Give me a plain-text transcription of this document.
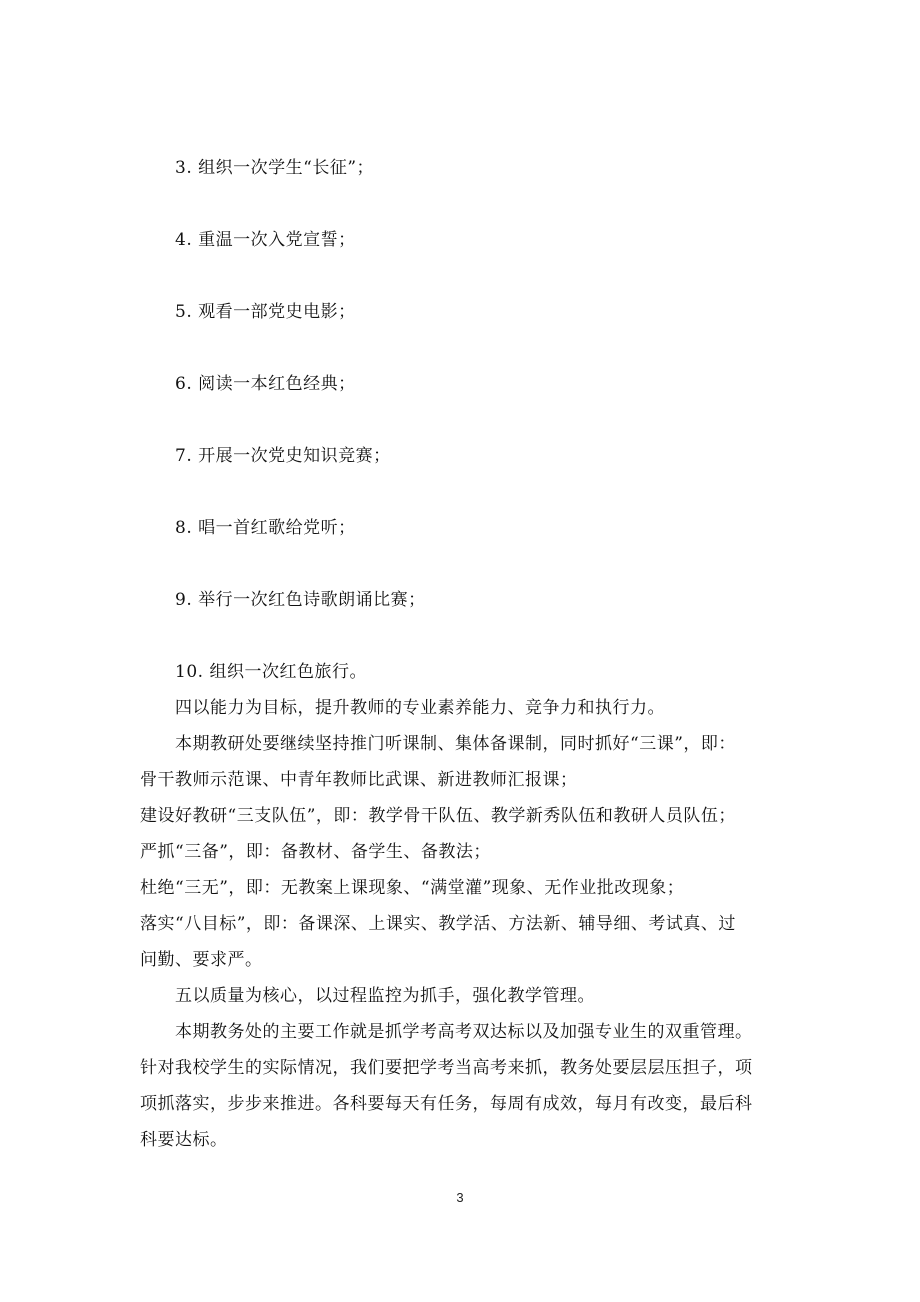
3. 组织一次学生“长征”；
4. 重温一次入党宣誓；
5. 观看一部党史电影；
6. 阅读一本红色经典；
7. 开展一次党史知识竞赛；
8. 唱一首红歌给党听；
9. 举行一次红色诗歌朗诵比赛；
10. 组织一次红色旅行。
四以能力为目标，提升教师的专业素养能力、竞争力和执行力。
本期教研处要继续坚持推门听课制、集体备课制，同时抓好“三课”，即：
骨干教师示范课、中青年教师比武课、新进教师汇报课；
建设好教研“三支队伍”，即：教学骨干队伍、教学新秀队伍和教研人员队伍；
严抓“三备”，即：备教材、备学生、备教法；
杜绝“三无”，即：无教案上课现象、“满堂灌”现象、无作业批改现象；
落实“八目标”，即：备课深、上课实、教学活、方法新、辅导细、考试真、过
问勤、要求严。
五以质量为核心，以过程监控为抓手，强化教学管理。
本期教务处的主要工作就是抓学考高考双达标以及加强专业生的双重管理。
针对我校学生的实际情况，我们要把学考当高考来抓，教务处要层层压担子，项
项抓落实，步步来推进。各科要每天有任务，每周有成效，每月有改变，最后科
科要达标。
3
